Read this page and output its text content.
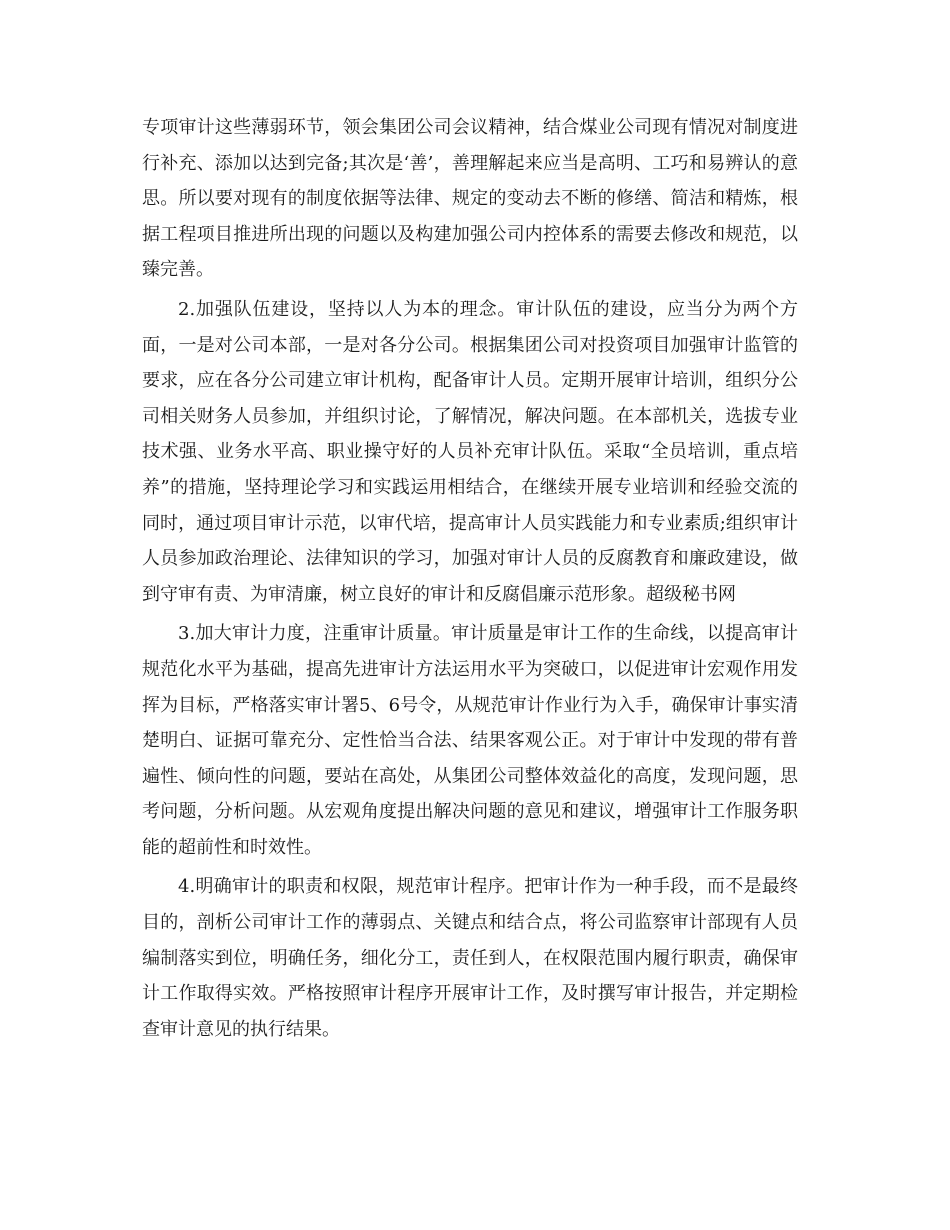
专项审计这些薄弱环节，领会集团公司会议精神，结合煤业公司现有情况对制度进行补充、添加以达到完备;其次是‘善’，善理解起来应当是高明、工巧和易辨认的意思。所以要对现有的制度依据等法律、规定的变动去不断的修缮、简洁和精炼，根据工程项目推进所出现的问题以及构建加强公司内控体系的需要去修改和规范，以臻完善。

2.加强队伍建设，坚持以人为本的理念。审计队伍的建设，应当分为两个方面，一是对公司本部，一是对各分公司。根据集团公司对投资项目加强审计监管的要求，应在各分公司建立审计机构，配备审计人员。定期开展审计培训，组织分公司相关财务人员参加，并组织讨论，了解情况，解决问题。在本部机关，选拔专业技术强、业务水平高、职业操守好的人员补充审计队伍。采取“全员培训，重点培养”的措施，坚持理论学习和实践运用相结合，在继续开展专业培训和经验交流的同时，通过项目审计示范，以审代培，提高审计人员实践能力和专业素质;组织审计人员参加政治理论、法律知识的学习，加强对审计人员的反腐教育和廉政建设，做到守审有责、为审清廉，树立良好的审计和反腐倡廉示范形象。超级秘书网

3.加大审计力度，注重审计质量。审计质量是审计工作的生命线，以提高审计规范化水平为基础，提高先进审计方法运用水平为突破口，以促进审计宏观作用发挥为目标，严格落实审计署5、6号令，从规范审计作业行为入手，确保审计事实清楚明白、证据可靠充分、定性恰当合法、结果客观公正。对于审计中发现的带有普遍性、倾向性的问题，要站在高处，从集团公司整体效益化的高度，发现问题，思考问题，分析问题。从宏观角度提出解决问题的意见和建议，增强审计工作服务职能的超前性和时效性。

4.明确审计的职责和权限，规范审计程序。把审计作为一种手段，而不是最终目的，剖析公司审计工作的薄弱点、关键点和结合点，将公司监察审计部现有人员编制落实到位，明确任务，细化分工，责任到人，在权限范围内履行职责，确保审计工作取得实效。严格按照审计程序开展审计工作，及时撰写审计报告，并定期检查审计意见的执行结果。
